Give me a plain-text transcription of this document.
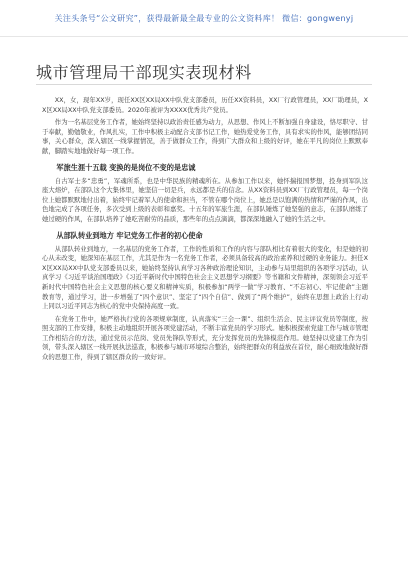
关注头条号“公文研究”，获得最新最全最专业的公文资料库！ 微信：gongwenyj
城市管理局干部现实表现材料

XX，女，现年XX岁，现任XX区XX局XX中队党支部委员，历任XX资料员，XX厂行政管理员，XX厂助理员，XX区XX局XX中队党支部委员。2020年被评为XXXX优秀共产党员。

作为一名基层党务工作者，她始终坚持以政治责任感为动力，从思想、作风上不断加强自身建设，恪尽职守、甘于奉献，勤勉敬业，作风扎实，工作中积极主动配合支部书记工作，她热爱党务工作，具有求实的作风，能够团结同事，关心群众，深入辖区一线掌握情况，善于做群众工作，得到广大群众和上级的好评，她在平凡的岗位上默默奉献，脚踏实地地做好每一项工作。

军旅生涯十五载 变换的是岗位不变的是忠诚

自古军士多“忠勇”，军魂所系，也是中华民族的精魂所在。从参加工作以来，她怀揣报国梦想，投身到军队这座大熔炉，在部队这个大集体里，她坚信一切是兵，永远都是兵的信念。从XX资料员到XX厂行政管理员，每一个岗位上她都默默地付出着，始终牢记着军人的使命和担当，不管在哪个岗位上，她总是以饱满的热情和严谨的作风，出色地完成了各项任务，多次受到上级的表彰和嘉奖。十五年的军旅生涯，在部队锤炼了她坚强的意志，在部队磨练了她过硬的作风，在部队培养了她吃苦耐劳的品质，那些年的点点滴滴，都深深地融入了她的生活之中。

从部队转业到地方 牢记党务工作者的初心使命

从部队转业到地方，一名基层的党务工作者，工作的性质和工作的内容与部队相比有着很大的变化，但是她的初心从未改变，她深知在基层工作，尤其是作为一名党务工作者，必须具备较高的政治素养和过硬的业务能力。担任XX区XX局XX中队党支部委员以来，她始终坚持认真学习各种政治理论知识，主动参与局里组织的各项学习活动，认真学习《习近平谈治国理政》《习近平新时代中国特色社会主义思想学习纲要》等书籍和文件精神，深刻领会习近平新时代中国特色社会主义思想的核心要义和精神实质，积极参加“两学一做”学习教育、“不忘初心、牢记使命”主题教育等，通过学习，进一步增强了“四个意识”、坚定了“四个自信”、做到了“两个维护”，始终在思想上政治上行动上同以习近平同志为核心的党中央保持高度一致。

在党务工作中，她严格执行党的各项规章制度，认真落实“三会一课”、组织生活会、民主评议党员等制度，按照支部的工作安排，积极主动地组织开展各项党建活动，不断丰富党员的学习形式。她积极探索党建工作与城市管理工作相结合的方法，通过党员示范岗、党员先锋队等形式，充分发挥党员的先锋模范作用。她坚持以党建工作为引领，带头深入辖区一线开展执法巡查，积极参与城市环境综合整治，始终把群众的利益放在首位，耐心细致地做好群众的思想工作，得到了辖区群众的一致好评。
